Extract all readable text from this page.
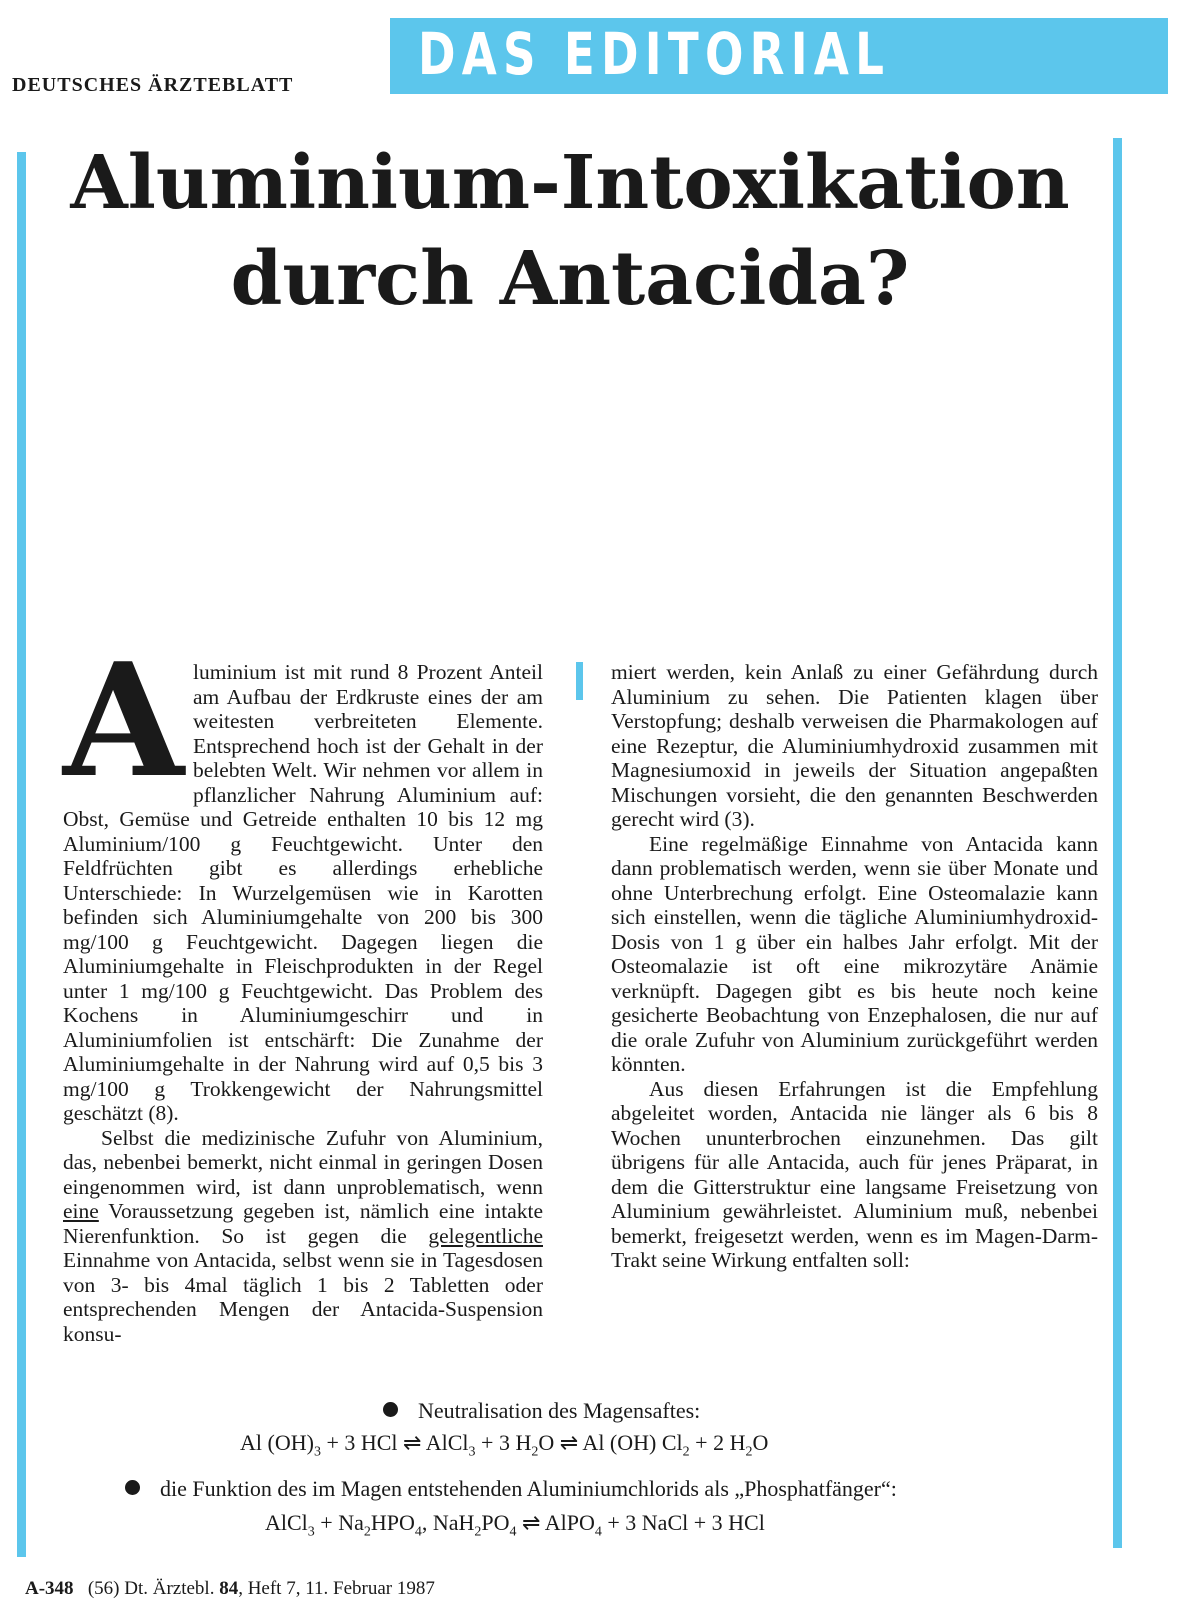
DAS EDITORIAL
DEUTSCHES ÄRZTEBLATT
Aluminium-Intoxikation
durch Antacida?

Aluminium ist mit rund 8 Prozent Anteil am Aufbau der Erdkruste eines der am weitesten verbreiteten Elemente. Entsprechend hoch ist der Gehalt in der belebten Welt. Wir nehmen vor allem in pflanzlicher Nahrung Aluminium auf: Obst, Gemüse und Getreide enthalten 10 bis 12 mg Aluminium/100 g Feuchtgewicht. Unter den Feldfrüchten gibt es allerdings erhebliche Unterschiede: In Wurzelgemüsen wie in Karotten befinden sich Aluminiumgehalte von 200 bis 300 mg/100 g Feuchtgewicht. Dagegen liegen die Aluminiumgehalte in Fleischprodukten in der Regel unter 1 mg/100 g Feuchtgewicht. Das Problem des Kochens in Aluminiumgeschirr und in Aluminiumfolien ist entschärft: Die Zunahme der Aluminiumgehalte in der Nahrung wird auf 0,5 bis 3 mg/100 g Trokkengewicht der Nahrungsmittel geschätzt (8).

Selbst die medizinische Zufuhr von Aluminium, das, nebenbei bemerkt, nicht einmal in geringen Dosen eingenommen wird, ist dann unproblematisch, wenn eine Voraussetzung gegeben ist, nämlich eine intakte Nierenfunktion. So ist gegen die gelegentliche Einnahme von Antacida, selbst wenn sie in Tagesdosen von 3- bis 4mal täglich 1 bis 2 Tabletten oder entsprechenden Mengen der Antacida-Suspension konsu-

miert werden, kein Anlaß zu einer Gefährdung durch Aluminium zu sehen. Die Patienten klagen über Verstopfung; deshalb verweisen die Pharmakologen auf eine Rezeptur, die Aluminiumhydroxid zusammen mit Magnesiumoxid in jeweils der Situation angepaßten Mischungen vorsieht, die den genannten Beschwerden gerecht wird (3).

Eine regelmäßige Einnahme von Antacida kann dann problematisch werden, wenn sie über Monate und ohne Unterbrechung erfolgt. Eine Osteomalazie kann sich einstellen, wenn die tägliche Aluminiumhydroxid-Dosis von 1 g über ein halbes Jahr erfolgt. Mit der Osteomalazie ist oft eine mikrozytäre Anämie verknüpft. Dagegen gibt es bis heute noch keine gesicherte Beobachtung von Enzephalosen, die nur auf die orale Zufuhr von Aluminium zurückgeführt werden könnten.

Aus diesen Erfahrungen ist die Empfehlung abgeleitet worden, Antacida nie länger als 6 bis 8 Wochen ununterbrochen einzunehmen. Das gilt übrigens für alle Antacida, auch für jenes Präparat, in dem die Gitterstruktur eine langsame Freisetzung von Aluminium gewährleistet. Aluminium muß, nebenbei bemerkt, freigesetzt werden, wenn es im Magen-Darm-Trakt seine Wirkung entfalten soll:

Neutralisation des Magensaftes:
Al $(OH)_3 + 3$ HCl ⇌ AlCl$_3$ + 3 $H_2O$ ⇌ Al (OH) $Cl_2 + 2$ $H_2O$
die Funktion des im Magen entstehenden Aluminiumchlorids als „Phosphatfänger“:
AlCl$_3$ + $Na_2HPO_4$, $NaH_2PO_4$ ⇌ AlPO$_4$ + 3 NaCl + 3 HCl
A-348 (56) Dt. Ärztebl. 84, Heft 7, 11. Februar 1987
